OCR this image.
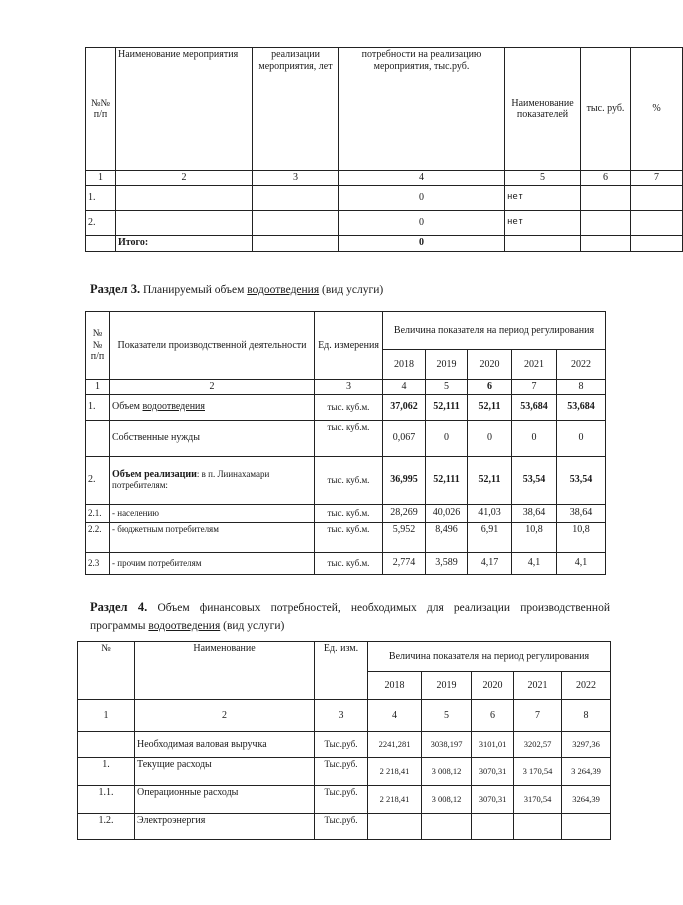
№№ п/п	Наименование мероприятия	реализации мероприятия, лет	потребности на реализацию мероприятия, тыс.руб.	Наименование показателей	тыс. руб.	%
1	2	3	4	5	6	7
1.			0	нет		
2.			0	нет		
	Итого:		0			
Раздел 3. Планируемый объем водоотведения (вид услуги)
№№ п/п	Показатели производственной деятельности	Ед. измерения	Величина показателя на период регулирования				
			2018	2019	2020	2021	2022
1	2	3	4	5	6	7	8
1.	Объем водоотведения	тыс. куб.м.	37,062	52,111	52,11	53,684	53,684
	Собственные нужды	тыс. куб.м.	0,067	0	0	0	0
2.	Объем реализации: в п. Лиинахамари потребителям:	тыс. куб.м.	36,995	52,111	52,11	53,54	53,54
2.1.	- населению	тыс. куб.м.	28,269	40,026	41,03	38,64	38,64
2.2.	- бюджетным потребителям	тыс. куб.м.	5,952	8,496	6,91	10,8	10,8
2.3	- прочим потребителям	тыс. куб.м.	2,774	3,589	4,17	4,1	4,1
Раздел 4. Объем финансовых потребностей, необходимых для реализации производственной программы водоотведения (вид услуги)
№	Наименование	Ед. изм.	Величина показателя на период регулирования				
			2018	2019	2020	2021	2022
1	2	3	4	5	6	7	8
	Необходимая валовая выручка	Тыс.руб.	2241,281	3038,197	3101,01	3202,57	3297,36
1.	Текущие расходы	Тыс.руб.	2 218,41	3 008,12	3070,31	3 170,54	3 264,39
1.1.	Операционные расходы	Тыс.руб.	2 218,41	3 008,12	3070,31	3170,54	3264,39
1.2.	Электроэнергия	Тыс.руб.					
